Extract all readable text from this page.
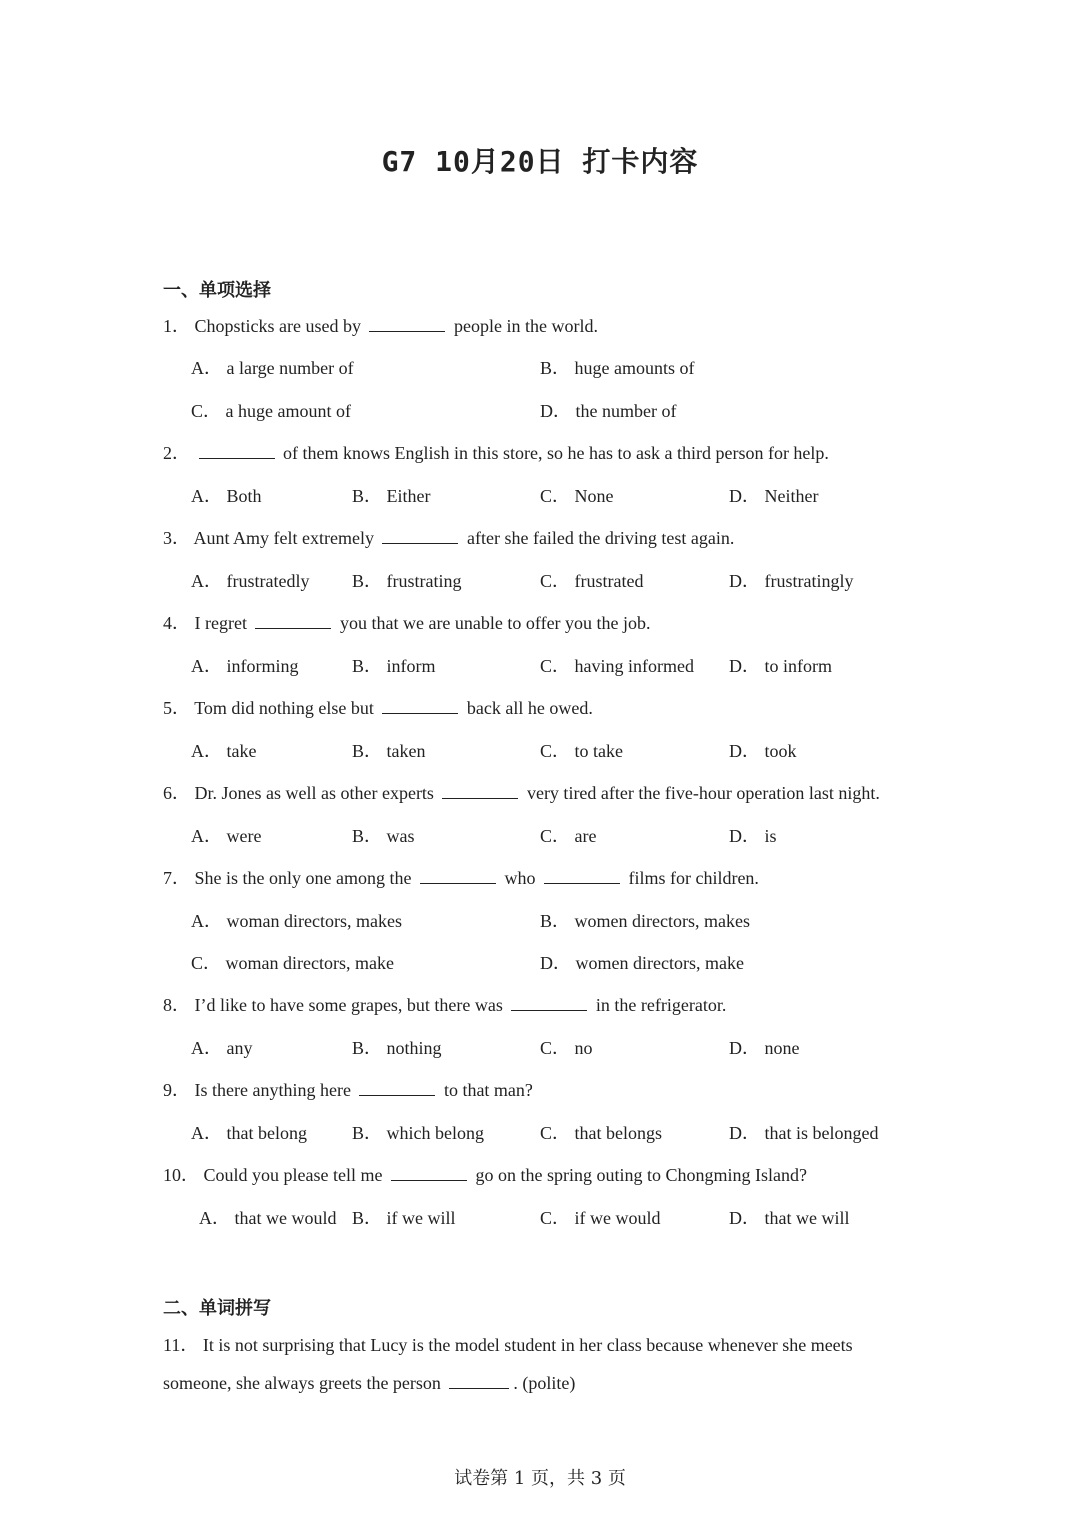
G7 10月20日 打卡内容
一、单项选择
1． Chopsticks are used by	people in the world.
A． a large number of	B． huge amounts of
C． a huge amount of	D． the number of
2．	of them knows English in this store, so he has to ask a third person for help.
A． Both	B． Either	C． None	D． Neither
3． Aunt Amy felt extremely	after she failed the driving test again.
A． frustratedly B． frustrating	C． frustrated	D． frustratingly
4． I regret	you that we are unable to offer you the job.
A． informing	B． inform	C． having informed D． to inform
5． Tom did nothing else but	back all he owed.
A． take	B． taken	C． to take	D． took
6． Dr. Jones as well as other experts	very tired after the five-hour operation last night.
A． were	B． was	C． are	D． is
7． She is the only one among the	who	films for children.
A． woman directors, makes	B． women directors, makes
C． woman directors, make	D． women directors, make
8． I’d like to have some grapes, but there was	in the refrigerator.
A． any	B． nothing	C． no	D． none
9． Is there anything here	to that man?
A． that belong	B． which belong	C． that belongs	D． that is belonged
10． Could you please tell me	go on the spring outing to Chongming Island?
A． that we would B． if we will	C． if we would	D． that we will
二、单词拼写
11． It is not surprising that Lucy is the model student in her class because whenever she meets
someone, she always greets the person	. (polite)
试卷第 1 页，共 3 页
